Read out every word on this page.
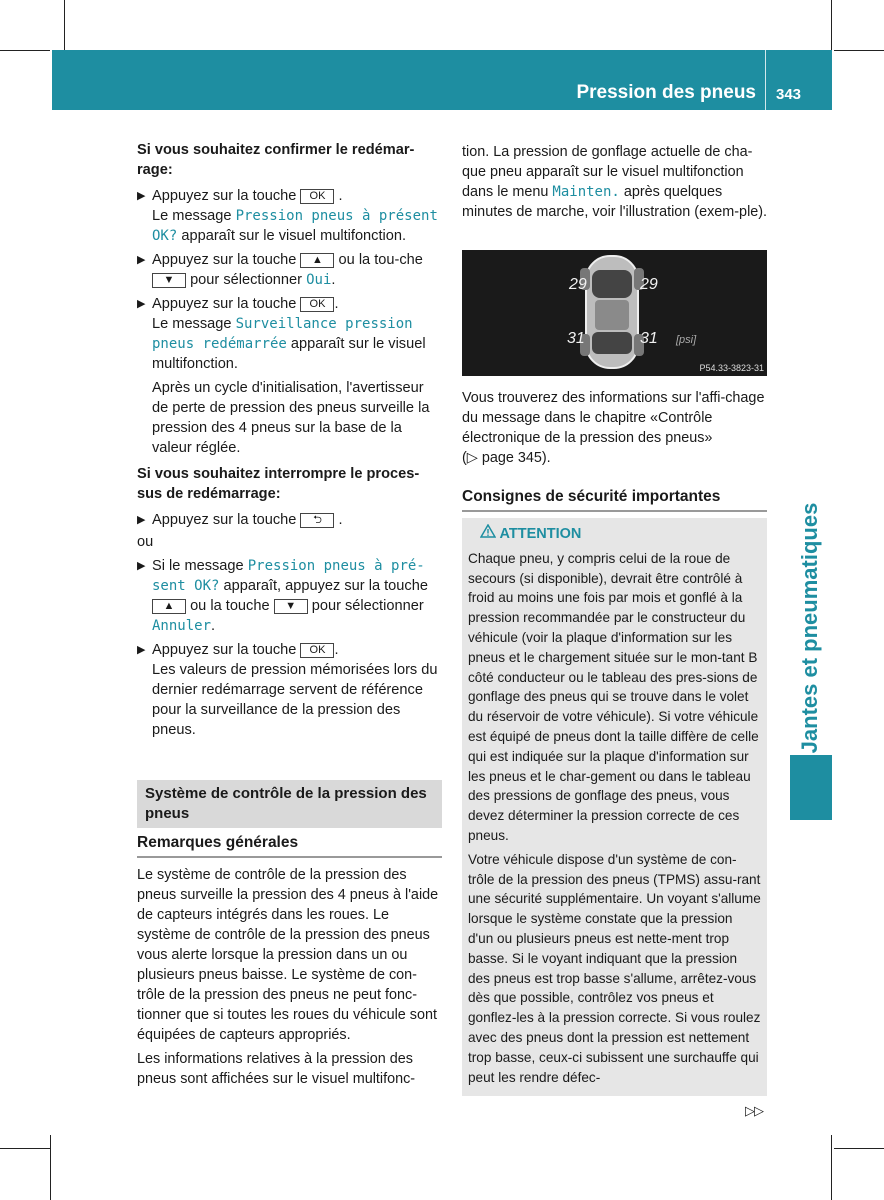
Pression des pneus 343

Si vous souhaitez confirmer le redémar-rage:

▶ Appuyez sur la touche OK .

Le message Pression pneus à présent OK? apparaît sur le visuel multifonction.

▶ Appuyez sur la touche ▲ ou la tou-che ▼ pour sélectionner Oui.

▶ Appuyez sur la touche OK .

Le message Surveillance pression pneus redémarrée apparaît sur le visuel multifonction.

Après un cycle d'initialisation, l'avertisseur de perte de pression des pneus surveille la pression des 4 pneus sur la base de la valeur réglée.

Si vous souhaitez interrompre le proces-sus de redémarrage:

▶ Appuyez sur la touche ⮌ .

ou

▶ Si le message Pression pneus à pré-sent OK? apparaît, appuyez sur la touche ▲ ou la touche ▼ pour sélectionner Annuler.

▶ Appuyez sur la touche OK .

Les valeurs de pression mémorisées lors du dernier redémarrage servent de référence pour la surveillance de la pression des pneus.

Système de contrôle de la pression des pneus
Remarques générales

Le système de contrôle de la pression des pneus surveille la pression des 4 pneus à l'aide de capteurs intégrés dans les roues. Le système de contrôle de la pression des pneus vous alerte lorsque la pression dans un ou plusieurs pneus baisse. Le système de con-trôle de la pression des pneus ne peut fonc-tionner que si toutes les roues du véhicule sont équipées de capteurs appropriés.

Les informations relatives à la pression des pneus sont affichées sur le visuel multifonc-

tion. La pression de gonflage actuelle de cha-que pneu apparaît sur le visuel multifonction dans le menu Mainten. après quelques minutes de marche, voir l'illustration (exem-ple).

29	29
31	31 [psi]
P54.33-3823-31

Vous trouverez des informations sur l'affi-chage du message dans le chapitre «Contrôle électronique de la pression des pneus»

(▷ page 345).

Consignes de sécurité importantes
ATTENTION

Chaque pneu, y compris celui de la roue de secours (si disponible), devrait être contrôlé à froid au moins une fois par mois et gonflé à la pression recommandée par le constructeur du véhicule (voir la plaque d'information sur les pneus et le chargement située sur le mon-tant B côté conducteur ou le tableau des pres-sions de gonflage des pneus qui se trouve dans le volet du réservoir de votre véhicule). Si votre véhicule est équipé de pneus dont la taille diffère de celle qui est indiquée sur la plaque d'information sur les pneus et le char-gement ou dans le tableau des pressions de gonflage des pneus, vous devez déterminer la pression correcte de ces pneus.

Votre véhicule dispose d'un système de con-trôle de la pression des pneus (TPMS) assu-rant une sécurité supplémentaire. Un voyant s'allume lorsque le système constate que la pression d'un ou plusieurs pneus est nette-ment trop basse. Si le voyant indiquant que la pression des pneus est trop basse s'allume, arrêtez-vous dès que possible, contrôlez vos pneus et gonflez-les à la pression correcte. Si vous roulez avec des pneus dont la pression est nettement trop basse, ceux-ci subissent une surchauffe qui peut les rendre défec-

Jantes et pneumatiques
▷▷
